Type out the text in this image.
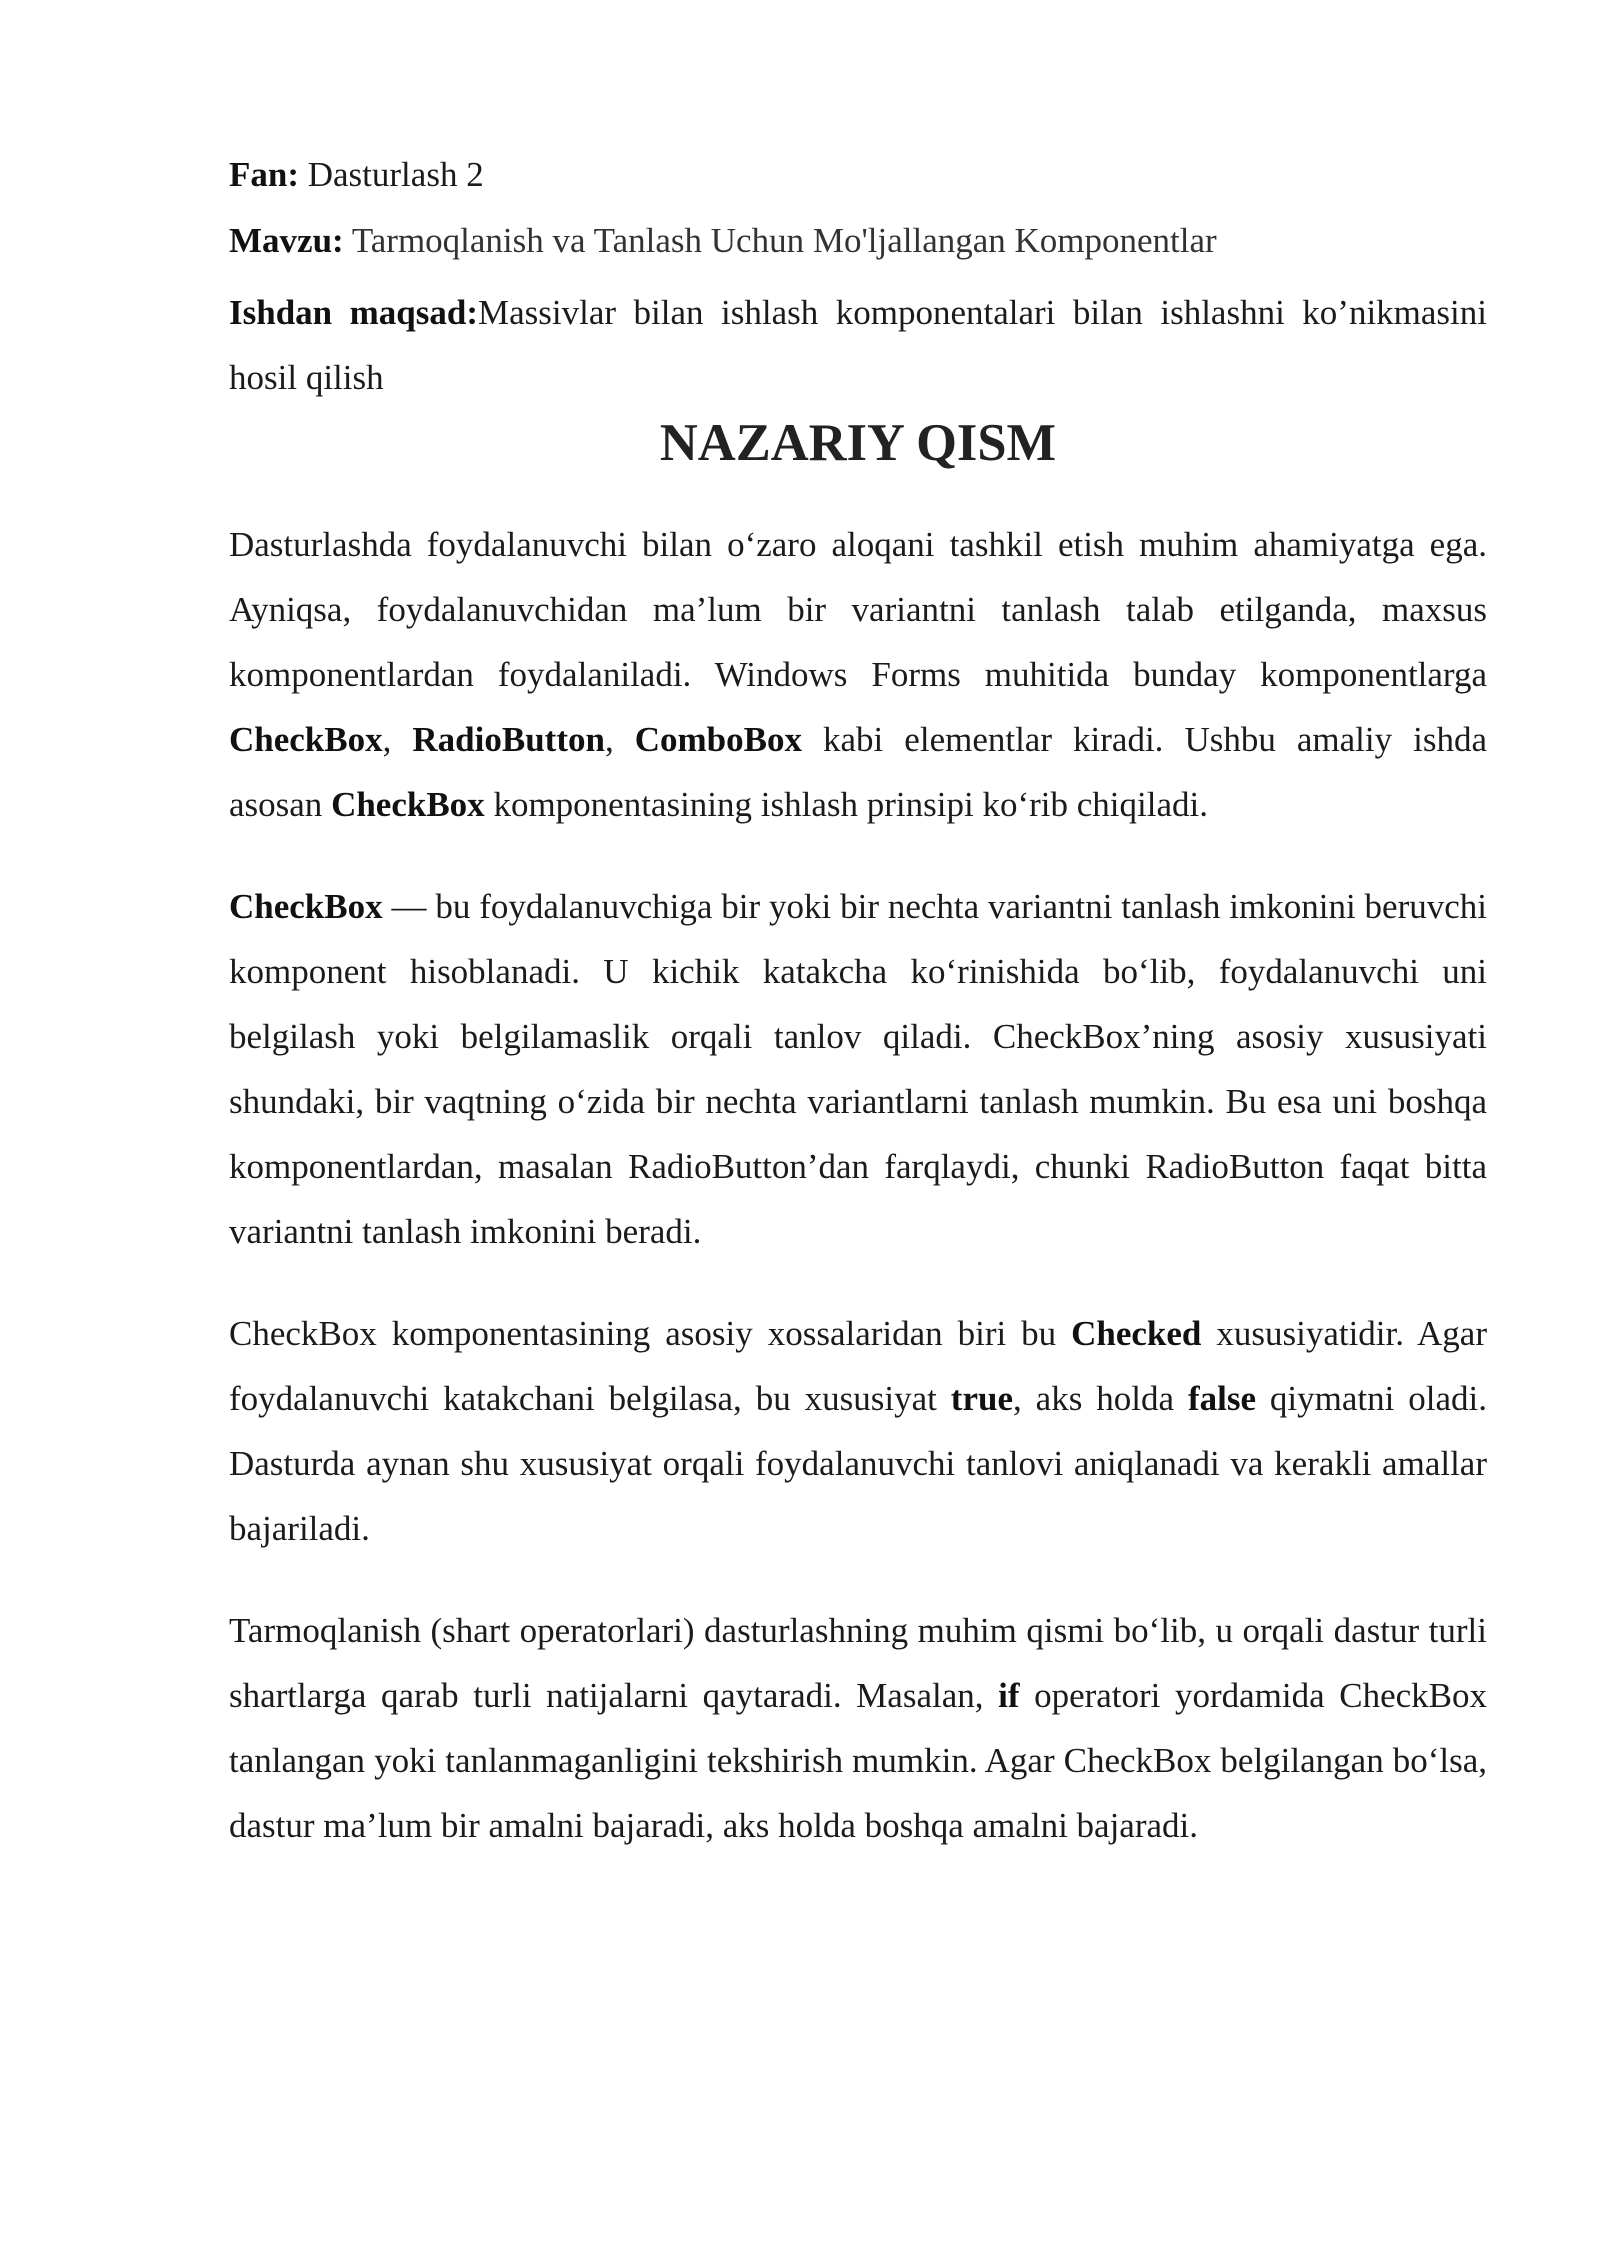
Fan: Dasturlash 2

Mavzu: Tarmoqlanish va Tanlash Uchun Mo'ljallangan Komponentlar

Ishdan maqsad:Massivlar bilan ishlash komponentalari bilan ishlashni ko’nikmasini hosil qilish

NAZARIY QISM

Dasturlashda foydalanuvchi bilan o‘zaro aloqani tashkil etish muhim ahamiyatga ega. Ayniqsa, foydalanuvchidan ma’lum bir variantni tanlash talab etilganda, maxsus komponentlardan foydalaniladi. Windows Forms muhitida bunday komponentlarga CheckBox, RadioButton, ComboBox kabi elementlar kiradi. Ushbu amaliy ishda asosan CheckBox komponentasining ishlash prinsipi ko‘rib chiqiladi.

CheckBox — bu foydalanuvchiga bir yoki bir nechta variantni tanlash imkonini beruvchi komponent hisoblanadi. U kichik katakcha ko‘rinishida bo‘lib, foydalanuvchi uni belgilash yoki belgilamaslik orqali tanlov qiladi. CheckBox’ning asosiy xususiyati shundaki, bir vaqtning o‘zida bir nechta variantlarni tanlash mumkin. Bu esa uni boshqa komponentlardan, masalan RadioButton’dan farqlaydi, chunki RadioButton faqat bitta variantni tanlash imkonini beradi.

CheckBox komponentasining asosiy xossalaridan biri bu Checked xususiyatidir. Agar foydalanuvchi katakchani belgilasa, bu xususiyat true, aks holda false qiymatni oladi. Dasturda aynan shu xususiyat orqali foydalanuvchi tanlovi aniqlanadi va kerakli amallar bajariladi.

Tarmoqlanish (shart operatorlari) dasturlashning muhim qismi bo‘lib, u orqali dastur turli shartlarga qarab turli natijalarni qaytaradi. Masalan, if operatori yordamida CheckBox tanlangan yoki tanlanmaganligini tekshirish mumkin. Agar CheckBox belgilangan bo‘lsa, dastur ma’lum bir amalni bajaradi, aks holda boshqa amalni bajaradi.
